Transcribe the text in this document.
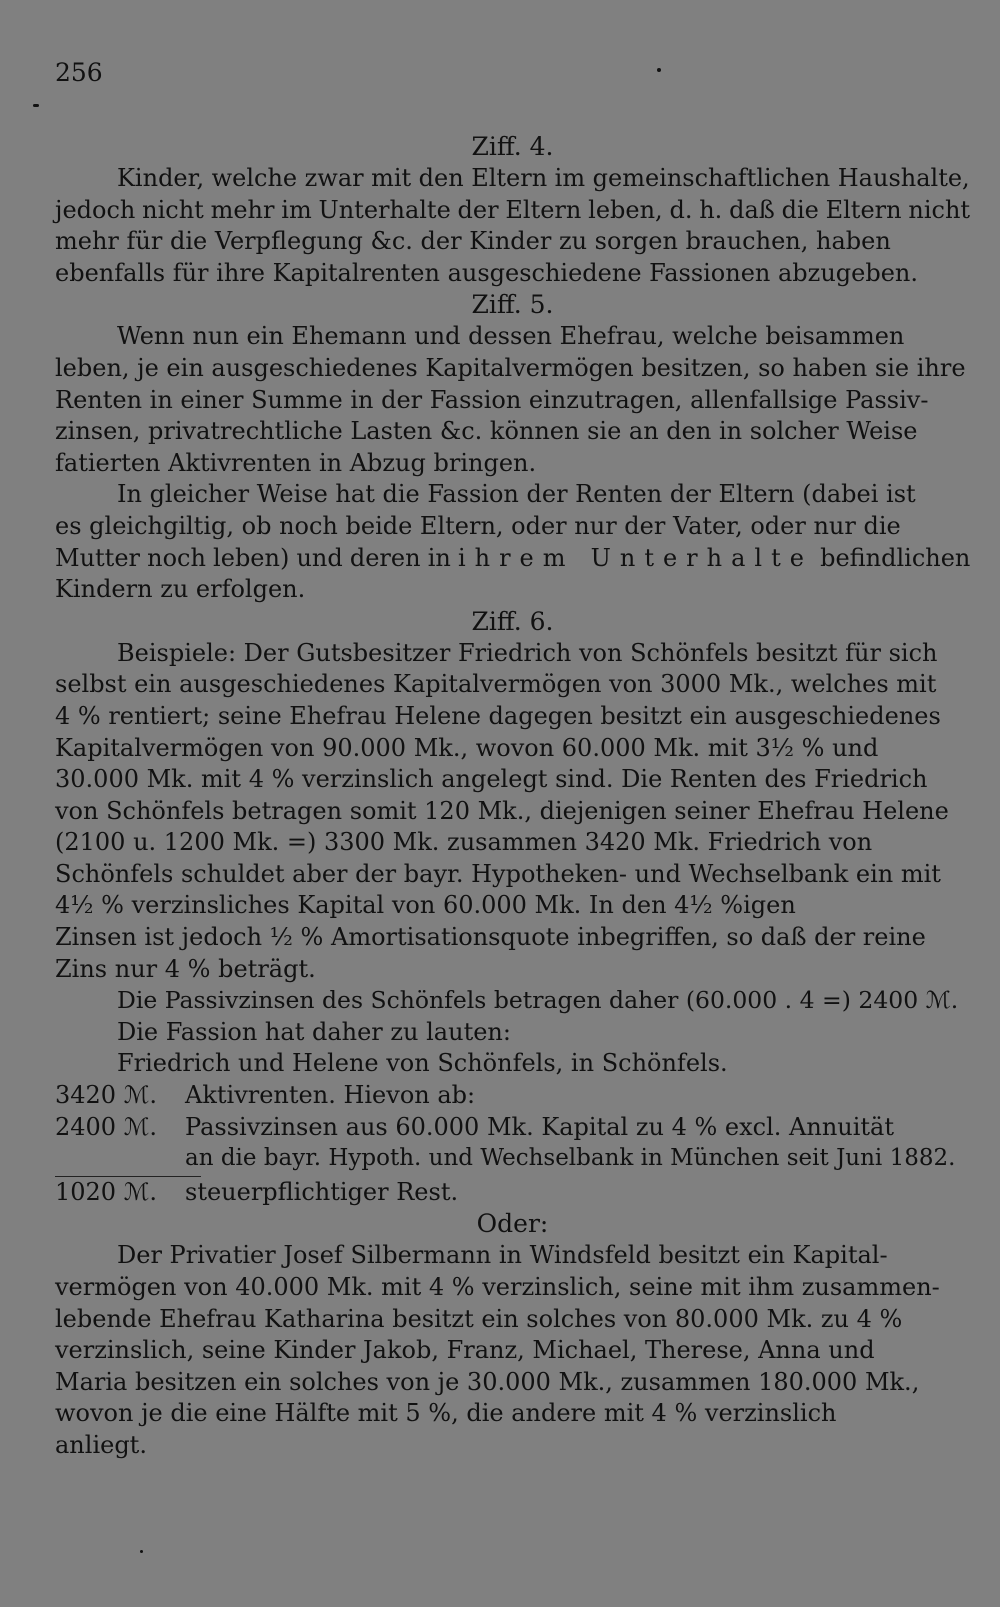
256
Ziff. 4.
Kinder, welche zwar mit den Eltern im gemeinschaftlichen Haushalte,
jedoch nicht mehr im Unterhalte der Eltern leben, d. h. daß die Eltern nicht
mehr für die Verpflegung &c. der Kinder zu sorgen brauchen, haben
ebenfalls für ihre Kapitalrenten ausgeschiedene Fassionen abzugeben.
Ziff. 5.
Wenn nun ein Ehemann und dessen Ehefrau, welche beisammen
leben, je ein ausgeschiedenes Kapitalvermögen besitzen, so haben sie ihre
Renten in einer Summe in der Fassion einzutragen, allenfallsige Passiv-
zinsen, privatrechtliche Lasten &c. können sie an den in solcher Weise
fatierten Aktivrenten in Abzug bringen.
In gleicher Weise hat die Fassion der Renten der Eltern (dabei ist
es gleichgiltig, ob noch beide Eltern, oder nur der Vater, oder nur die
Mutter noch leben) und deren in ihrem Unterhalte befindlichen
Kindern zu erfolgen.
Ziff. 6.
Beispiele: Der Gutsbesitzer Friedrich von Schönfels besitzt für sich
selbst ein ausgeschiedenes Kapitalvermögen von 3000 Mk., welches mit
4 % rentiert; seine Ehefrau Helene dagegen besitzt ein ausgeschiedenes
Kapitalvermögen von 90.000 Mk., wovon 60.000 Mk. mit 3½ % und
30.000 Mk. mit 4 % verzinslich angelegt sind. Die Renten des Friedrich
von Schönfels betragen somit 120 Mk., diejenigen seiner Ehefrau Helene
(2100 u. 1200 Mk. =) 3300 Mk. zusammen 3420 Mk. Friedrich von
Schönfels schuldet aber der bayr. Hypotheken- und Wechselbank ein mit
4½ % verzinsliches Kapital von 60.000 Mk. In den 4½ %igen
Zinsen ist jedoch ½ % Amortisationsquote inbegriffen, so daß der reine
Zins nur 4 % beträgt.
Die Passivzinsen des Schönfels betragen daher (60.000 . 4 =) 2400 ℳ.
Die Fassion hat daher zu lauten:
Friedrich und Helene von Schönfels, in Schönfels.
3420 ℳ.	Aktivrenten. Hievon ab:
2400 ℳ.	Passivzinsen aus 60.000 Mk. Kapital zu 4 % excl. Annuität
an die bayr. Hypoth. und Wechselbank in München seit Juni 1882.
1020 ℳ.	steuerpflichtiger Rest.
Oder:
Der Privatier Josef Silbermann in Windsfeld besitzt ein Kapital-
vermögen von 40.000 Mk. mit 4 % verzinslich, seine mit ihm zusammen-
lebende Ehefrau Katharina besitzt ein solches von 80.000 Mk. zu 4 %
verzinslich, seine Kinder Jakob, Franz, Michael, Therese, Anna und
Maria besitzen ein solches von je 30.000 Mk., zusammen 180.000 Mk.,
wovon je die eine Hälfte mit 5 %, die andere mit 4 % verzinslich
anliegt.
